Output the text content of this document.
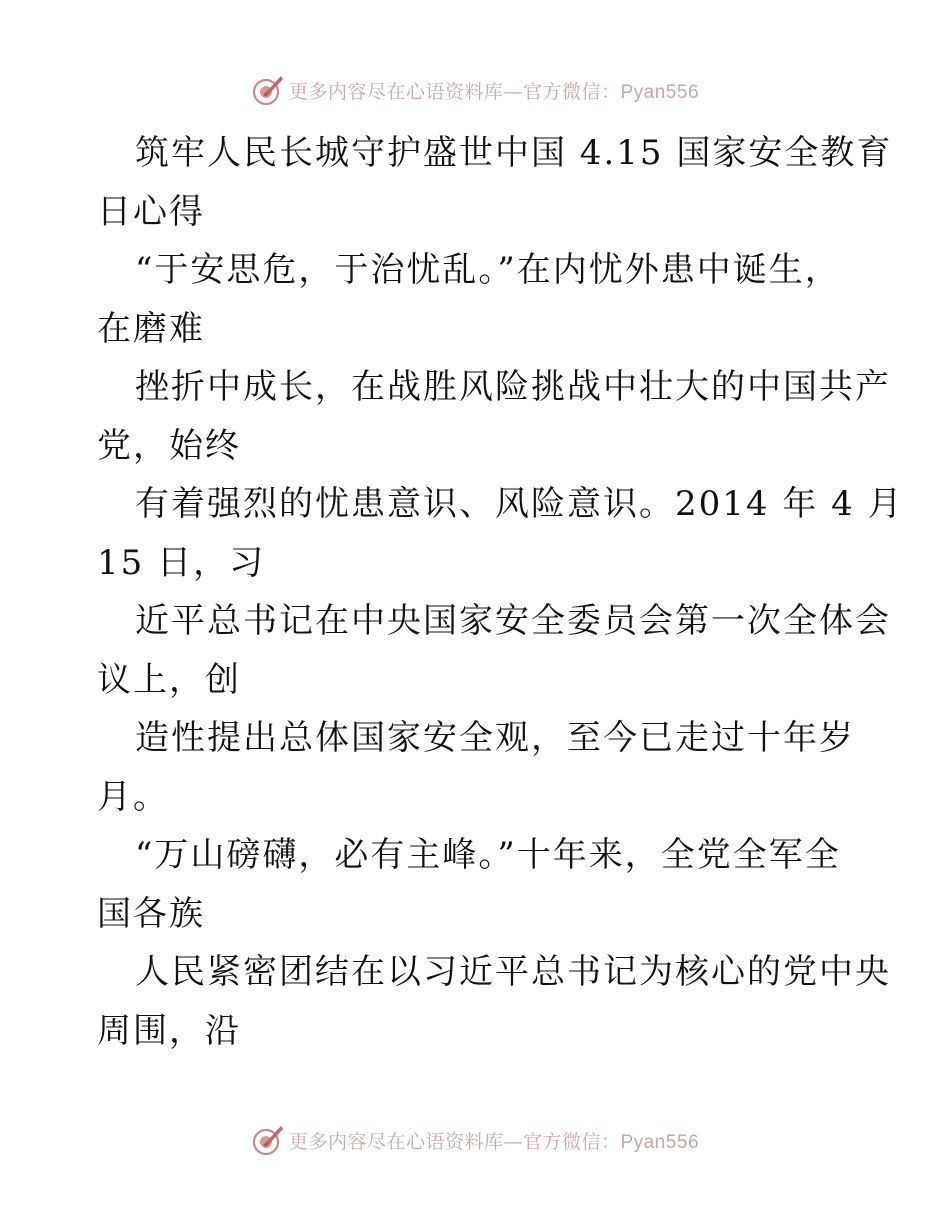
更多内容尽在心语资料库—官方微信：Pyan556
筑牢人民长城守护盛世中国 4.15 国家安全教育
日心得
“于安思危，于治忧乱。”在内忧外患中诞生，
在磨难
挫折中成长，在战胜风险挑战中壮大的中国共产
党，始终
有着强烈的忧患意识、风险意识。2014 年 4 月
15 日，习
近平总书记在中央国家安全委员会第一次全体会
议上，创
造性提出总体国家安全观，至今已走过十年岁
月。
“万山磅礴，必有主峰。”十年来，全党全军全
国各族
人民紧密团结在以习近平总书记为核心的党中央
周围，沿
更多内容尽在心语资料库—官方微信：Pyan556
